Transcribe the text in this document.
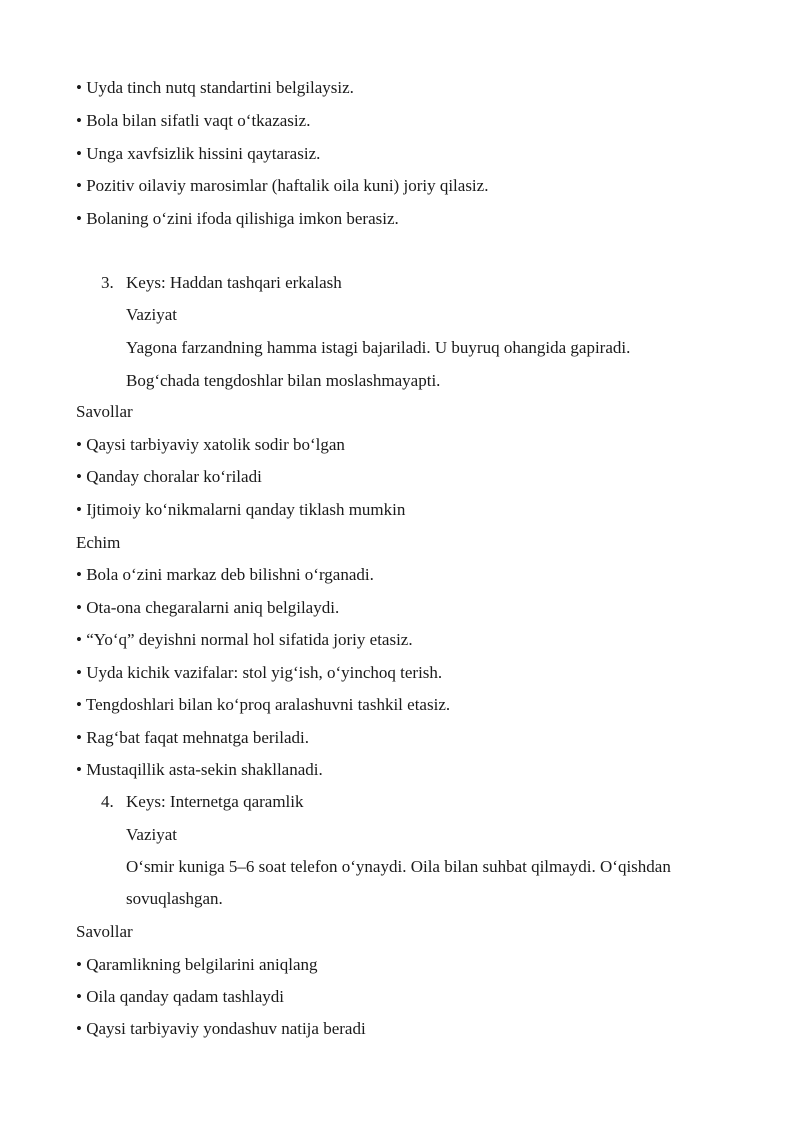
• Uyda tinch nutq standartini belgilaysiz.
• Bola bilan sifatli vaqt o‘tkazasiz.
• Unga xavfsizlik hissini qaytarasiz.
• Pozitiv oilaviy marosimlar (haftalik oila kuni) joriy qilasiz.
• Bolaning o‘zini ifoda qilishiga imkon berasiz.
3. Keys: Haddan tashqari erkalash
Vaziyat
Yagona farzandning hamma istagi bajariladi. U buyruq ohangida gapiradi.
Bog‘chada tengdoshlar bilan moslashmayapti.
Savollar
• Qaysi tarbiyaviy xatolik sodir bo‘lgan
• Qanday choralar ko‘riladi
• Ijtimoiy ko‘nikmalarni qanday tiklash mumkin
Echim
• Bola o‘zini markaz deb bilishni o‘rganadi.
• Ota-ona chegaralarni aniq belgilaydi.
• “Yo‘q” deyishni normal hol sifatida joriy etasiz.
• Uyda kichik vazifalar: stol yig‘ish, o‘yinchoq terish.
• Tengdoshlari bilan ko‘proq aralashuvni tashkil etasiz.
• Rag‘bat faqat mehnatga beriladi.
• Mustaqillik asta-sekin shakllanadi.
4. Keys: Internetga qaramlik
Vaziyat
O‘smir kuniga 5–6 soat telefon o‘ynaydi. Oila bilan suhbat qilmaydi. O‘qishdan
sovuqlashgan.
Savollar
• Qaramlikning belgilarini aniqlang
• Oila qanday qadam tashlaydi
• Qaysi tarbiyaviy yondashuv natija beradi
